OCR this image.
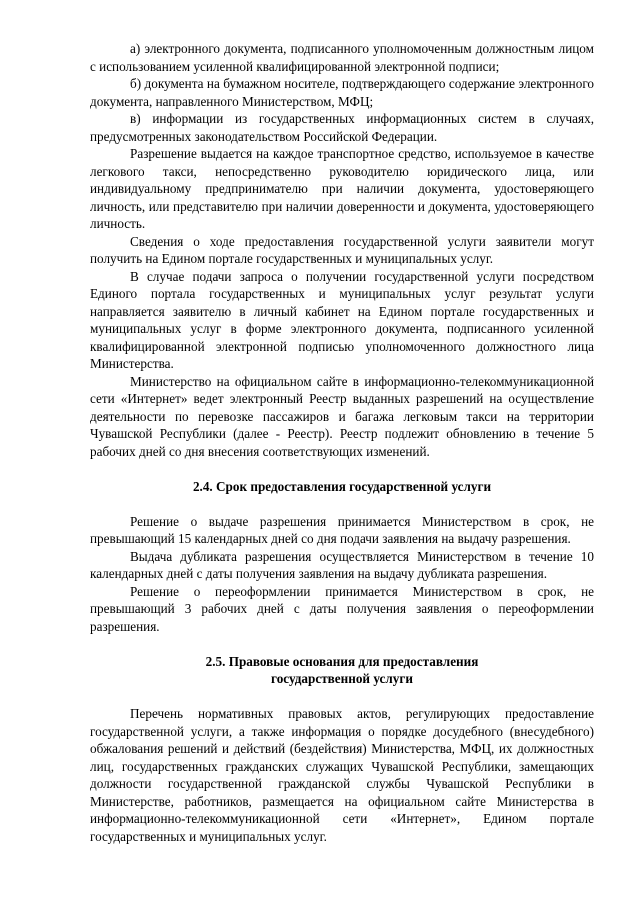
а) электронного документа, подписанного уполномоченным должностным лицом с использованием усиленной квалифицированной электронной подписи;

б) документа на бумажном носителе, подтверждающего содержание электронного документа, направленного Министерством, МФЦ;

в) информации из государственных информационных систем в случаях, предусмотренных законодательством Российской Федерации.

Разрешение выдается на каждое транспортное средство, используемое в качестве легкового такси, непосредственно руководителю юридического лица, или индивидуальному предпринимателю при наличии документа, удостоверяющего личность, или представителю при наличии доверенности и документа, удостоверяющего личность.

Сведения о ходе предоставления государственной услуги заявители могут получить на Едином портале государственных и муниципальных услуг.

В случае подачи запроса о получении государственной услуги посредством Единого портала государственных и муниципальных услуг результат услуги направляется заявителю в личный кабинет на Едином портале государственных и муниципальных услуг в форме электронного документа, подписанного усиленной квалифицированной электронной подписью уполномоченного должностного лица Министерства.

Министерство на официальном сайте в информационно-телекоммуникационной сети «Интернет» ведет электронный Реестр выданных разрешений на осуществление деятельности по перевозке пассажиров и багажа легковым такси на территории Чувашской Республики (далее - Реестр). Реестр подлежит обновлению в течение 5 рабочих дней со дня внесения соответствующих изменений.

2.4. Срок предоставления государственной услуги

Решение о выдаче разрешения принимается Министерством в срок, не превышающий 15 календарных дней со дня подачи заявления на выдачу разрешения.

Выдача дубликата разрешения осуществляется Министерством в течение 10 календарных дней с даты получения заявления на выдачу дубликата разрешения.

Решение о переоформлении принимается Министерством в срок, не превышающий 3 рабочих дней с даты получения заявления о переоформлении разрешения.

2.5. Правовые основания для предоставления
государственной услуги

Перечень нормативных правовых актов, регулирующих предоставление государственной услуги, а также информация о порядке досудебного (внесудебного) обжалования решений и действий (бездействия) Министерства, МФЦ, их должностных лиц, государственных гражданских служащих Чувашской Республики, замещающих должности государственной гражданской службы Чувашской Республики в Министерстве, работников, размещается на официальном сайте Министерства в информационно-телекоммуникационной сети «Интернет», Едином портале государственных и муниципальных услуг.
